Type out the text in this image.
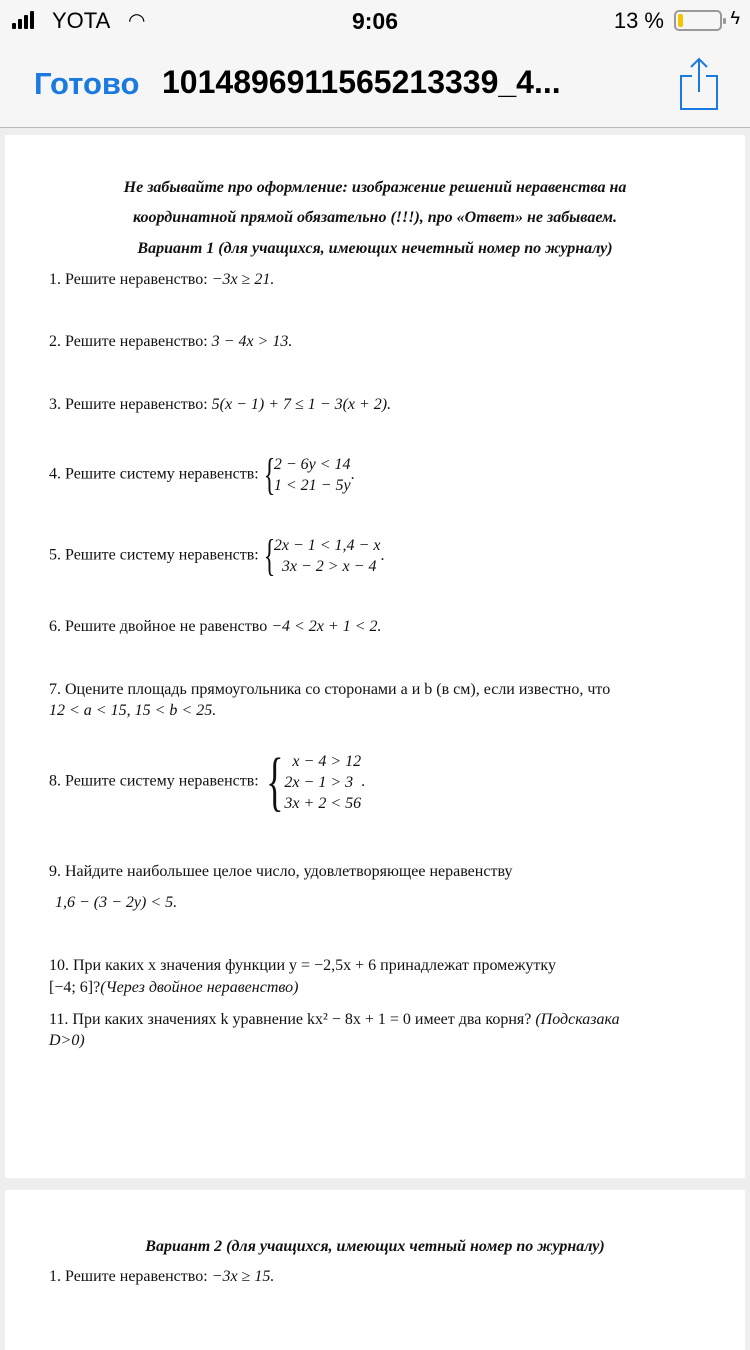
YOTA ◠	9:06	13 %	ϟ
Готово 1014896911565213339_4...
Не забывайте про оформление: изображение решений неравенства на
координатной прямой обязательно (!!!), про «Ответ» не забываем.
Вариант 1 (для учащихся, имеющих нечетный номер по журналу)
1. Решите неравенство: −3x ≥ 21.
2. Решите неравенство: 3 − 4x > 13.
3. Решите неравенство: 5(x − 1) + 7 ≤ 1 − 3(x + 2).
4. Решите систему неравенств: {
2 − 6y < 14
1 < 21 − 5y
.
5. Решите систему неравенств: {
2x − 1 < 1,4 − x
3x − 2 > x − 4
.
6. Решите двойное не равенство −4 < 2x + 1 < 2.
7. Оцените площадь прямоугольника со сторонами a и b (в см), если известно, что
12 < a < 15, 15 < b < 25.
8. Решите систему неравенств: { x − 4 > 12
2x − 1 > 3
3x + 2 < 56
.
9. Найдите наибольшее целое число, удовлетворяющее неравенству
1,6 − (3 − 2y) < 5.
10. При каких x значения функции y = −2,5x + 6 принадлежат промежутку
[−4; 6]?(Через двойное неравенство)
11. При каких значениях k уравнение kx² − 8x + 1 = 0 имеет два корня? (Подсказака
D>0)
Вариант 2 (для учащихся, имеющих четный номер по журналу)
1. Решите неравенство: −3x ≥ 15.
